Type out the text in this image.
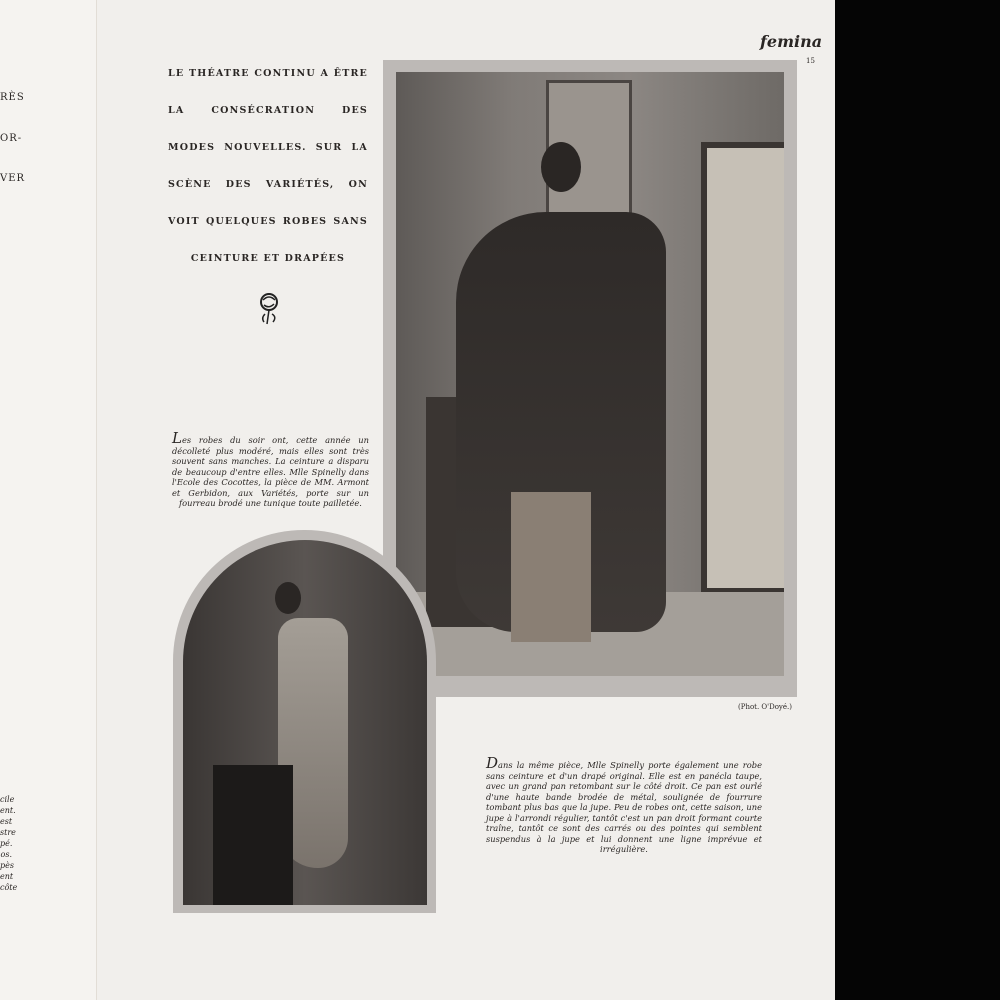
RÈS
OR-
VER
cile
ent.
est
stre
pé.
os.
pès
ent
côte
femina
15
LE THÉATRE CONTINU A ÊTRE LA CONSÉCRATION DES MODES NOUVELLES. SUR LA SCÈNE DES VARIÉTÉS, ON VOIT QUELQUES ROBES SANS CEINTURE ET DRAPÉES
Les robes du soir ont, cette année un décolleté plus modéré, mais elles sont très souvent sans manches. La ceinture a disparu de beaucoup d'entre elles. Mlle Spinelly dans l'Ecole des Cocottes, la pièce de MM. Armont et Gerbidon, aux Variétés, porte sur un fourreau brodé une tunique toute pailletée.
(Phot. O'Doyé.)
Dans la même pièce, Mlle Spinelly porte également une robe sans ceinture et d'un drapé original. Elle est en panécla taupe, avec un grand pan retombant sur le côté droit. Ce pan est ourlé d'une haute bande brodée de métal, soulignée de fourrure tombant plus bas que la jupe. Peu de robes ont, cette saison, une jupe à l'arrondi régulier, tantôt c'est un pan droit formant courte traîne, tantôt ce sont des carrés ou des pointes qui semblent suspendus à la jupe et lui donnent une ligne imprévue et irrégulière.
